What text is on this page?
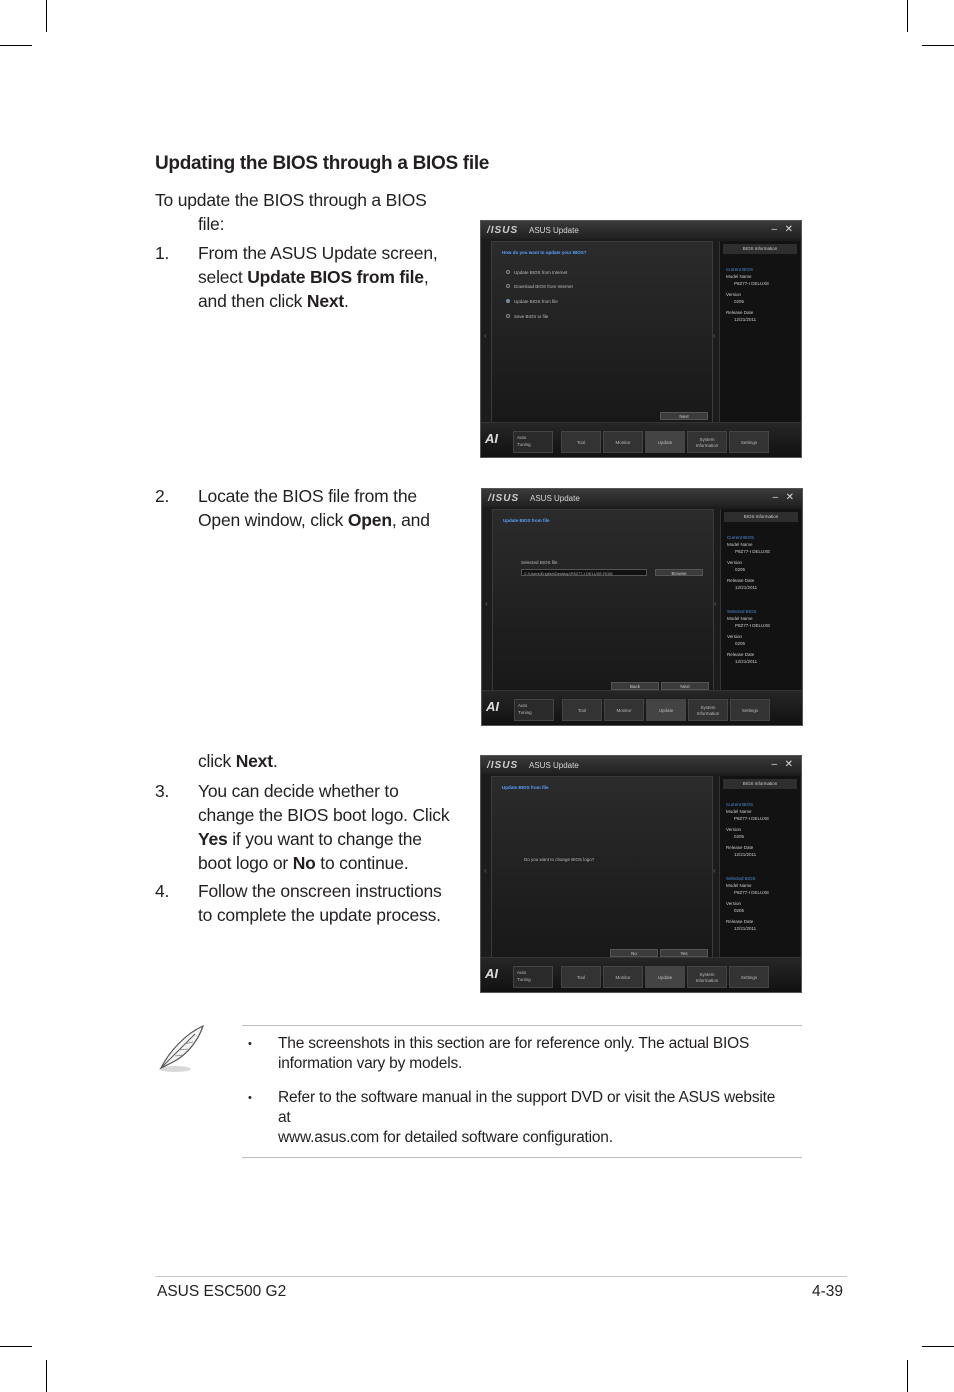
Updating the BIOS through a BIOS file
To update the BIOS through a BIOS
file:
1. From the ASUS Update screen,
select Update BIOS from file,
and then click Next.
2. Locate the BIOS file from the
Open window, click Open, and
click Next.
3. You can decide whether to
change the BIOS boot logo. Click
Yes if you want to change the
boot logo or No to continue.
4. Follow the onscreen instructions
to complete the update process.
/ISUS ASUS Update	– ✕
How do you want to update your BIOS?
Update BIOS from Internet
Download BIOS from Internet
Update BIOS from file
Save BIOS to file
Next
‹	‹
BIOS Information
Current BIOS
Model Name
P8Z77-I DELUXE
Version
0205
Release Date
12/21/2011
AI	Auto
Tuning	Tool	Monitor	Update
System
Information
Settings
/ISUS ASUS Update	– ✕
Update BIOS from file
Selected BIOS file
C:\Users\English\Desktop\P8Z77-I DELUXE.ROM	Browse
Back	Next
‹	‹
BIOS Information
Current BIOS
Model Name
P8Z77-I DELUXE
Version
0205
Release Date
12/21/2011
Selected BIOS
Model Name
P8Z77-I DELUXE
Version
0205
Release Date
12/21/2011
AI	Auto
Tuning	Tool	Monitor	Update
System
Information
Settings
/ISUS ASUS Update	– ✕
Update BIOS from file
Do you want to change BIOS logo?
No	Yes
‹	‹
BIOS Information
Current BIOS
Model Name
P8Z77-I DELUXE
Version
0205
Release Date
12/21/2011
Selected BIOS
Model Name
P8Z77-I DELUXE
Version
0205
Release Date
12/21/2011
AI	Auto
Tuning	Tool	Monitor	Update
System
Information
Settings
• The screenshots in this section are for reference only. The actual BIOS
information vary by models.
• Refer to the software manual in the support DVD or visit the ASUS website
at
www.asus.com for detailed software configuration.
ASUS ESC500 G2	4-39
